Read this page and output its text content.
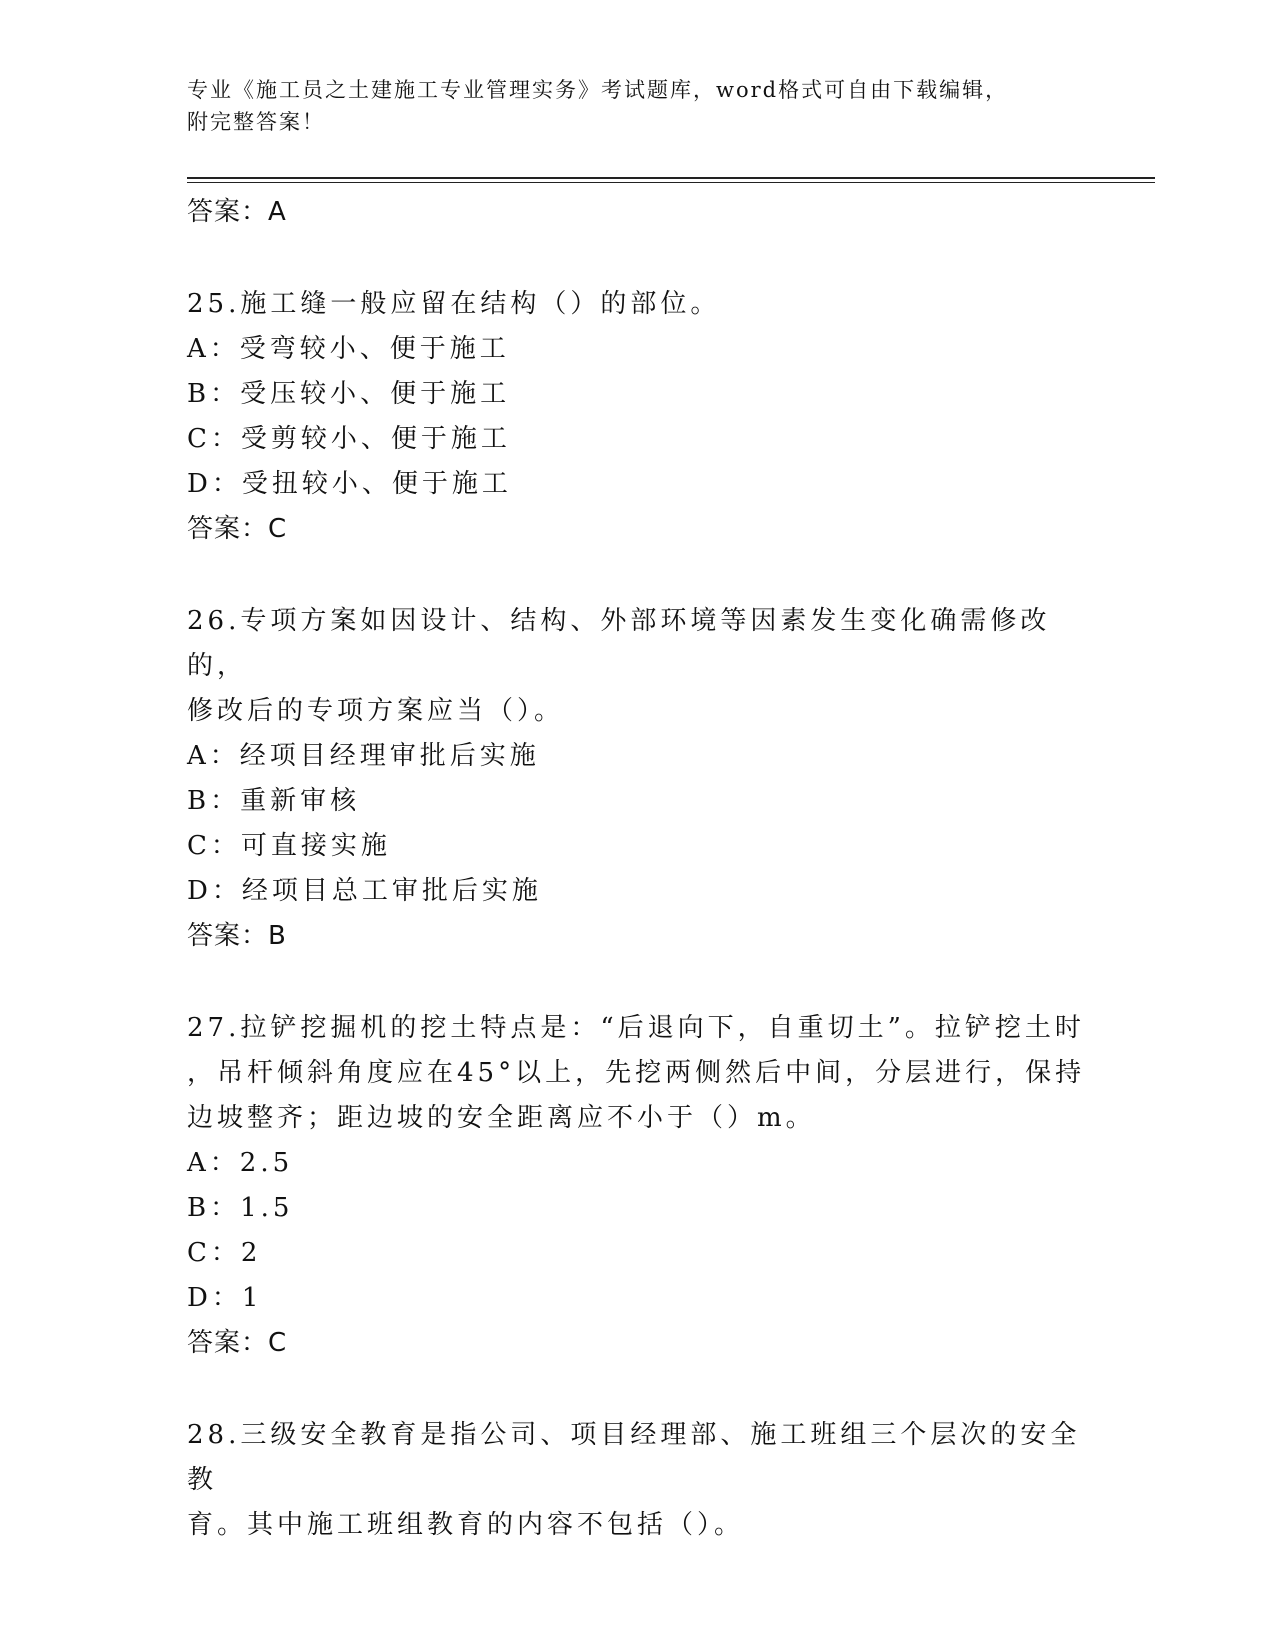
专业《施工员之土建施工专业管理实务》考试题库，word格式可自由下载编辑，
附完整答案！
答案：A
25.施工缝一般应留在结构（）的部位。
A：受弯较小、便于施工
B：受压较小、便于施工
C：受剪较小、便于施工
D：受扭较小、便于施工
答案：C
26.专项方案如因设计、结构、外部环境等因素发生变化确需修改的，
修改后的专项方案应当（）。
A：经项目经理审批后实施
B：重新审核
C：可直接实施
D：经项目总工审批后实施
答案：B
27.拉铲挖掘机的挖土特点是：“后退向下，自重切土”。拉铲挖土时
，吊杆倾斜角度应在45°以上，先挖两侧然后中间，分层进行，保持
边坡整齐；距边坡的安全距离应不小于（）m。
A：2.5
B：1.5
C：2
D：1
答案：C
28.三级安全教育是指公司、项目经理部、施工班组三个层次的安全教
育。其中施工班组教育的内容不包括（）。
